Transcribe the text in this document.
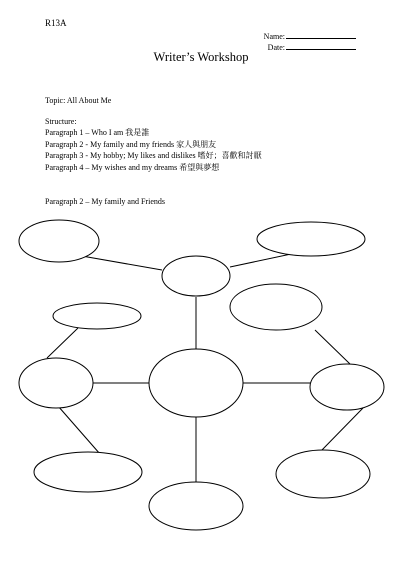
R13A
Name:
Date:
Writer’s Workshop
Topic: All About Me
Structure:
Paragraph 1 – Who I am 我是誰
Paragraph 2 - My family and my friends 家人與朋友
Paragraph 3 - My hobby; My likes and dislikes 嗜好；喜歡和討厭
Paragraph 4 – My wishes and my dreams 希望與夢想
Paragraph 2 – My family and Friends
